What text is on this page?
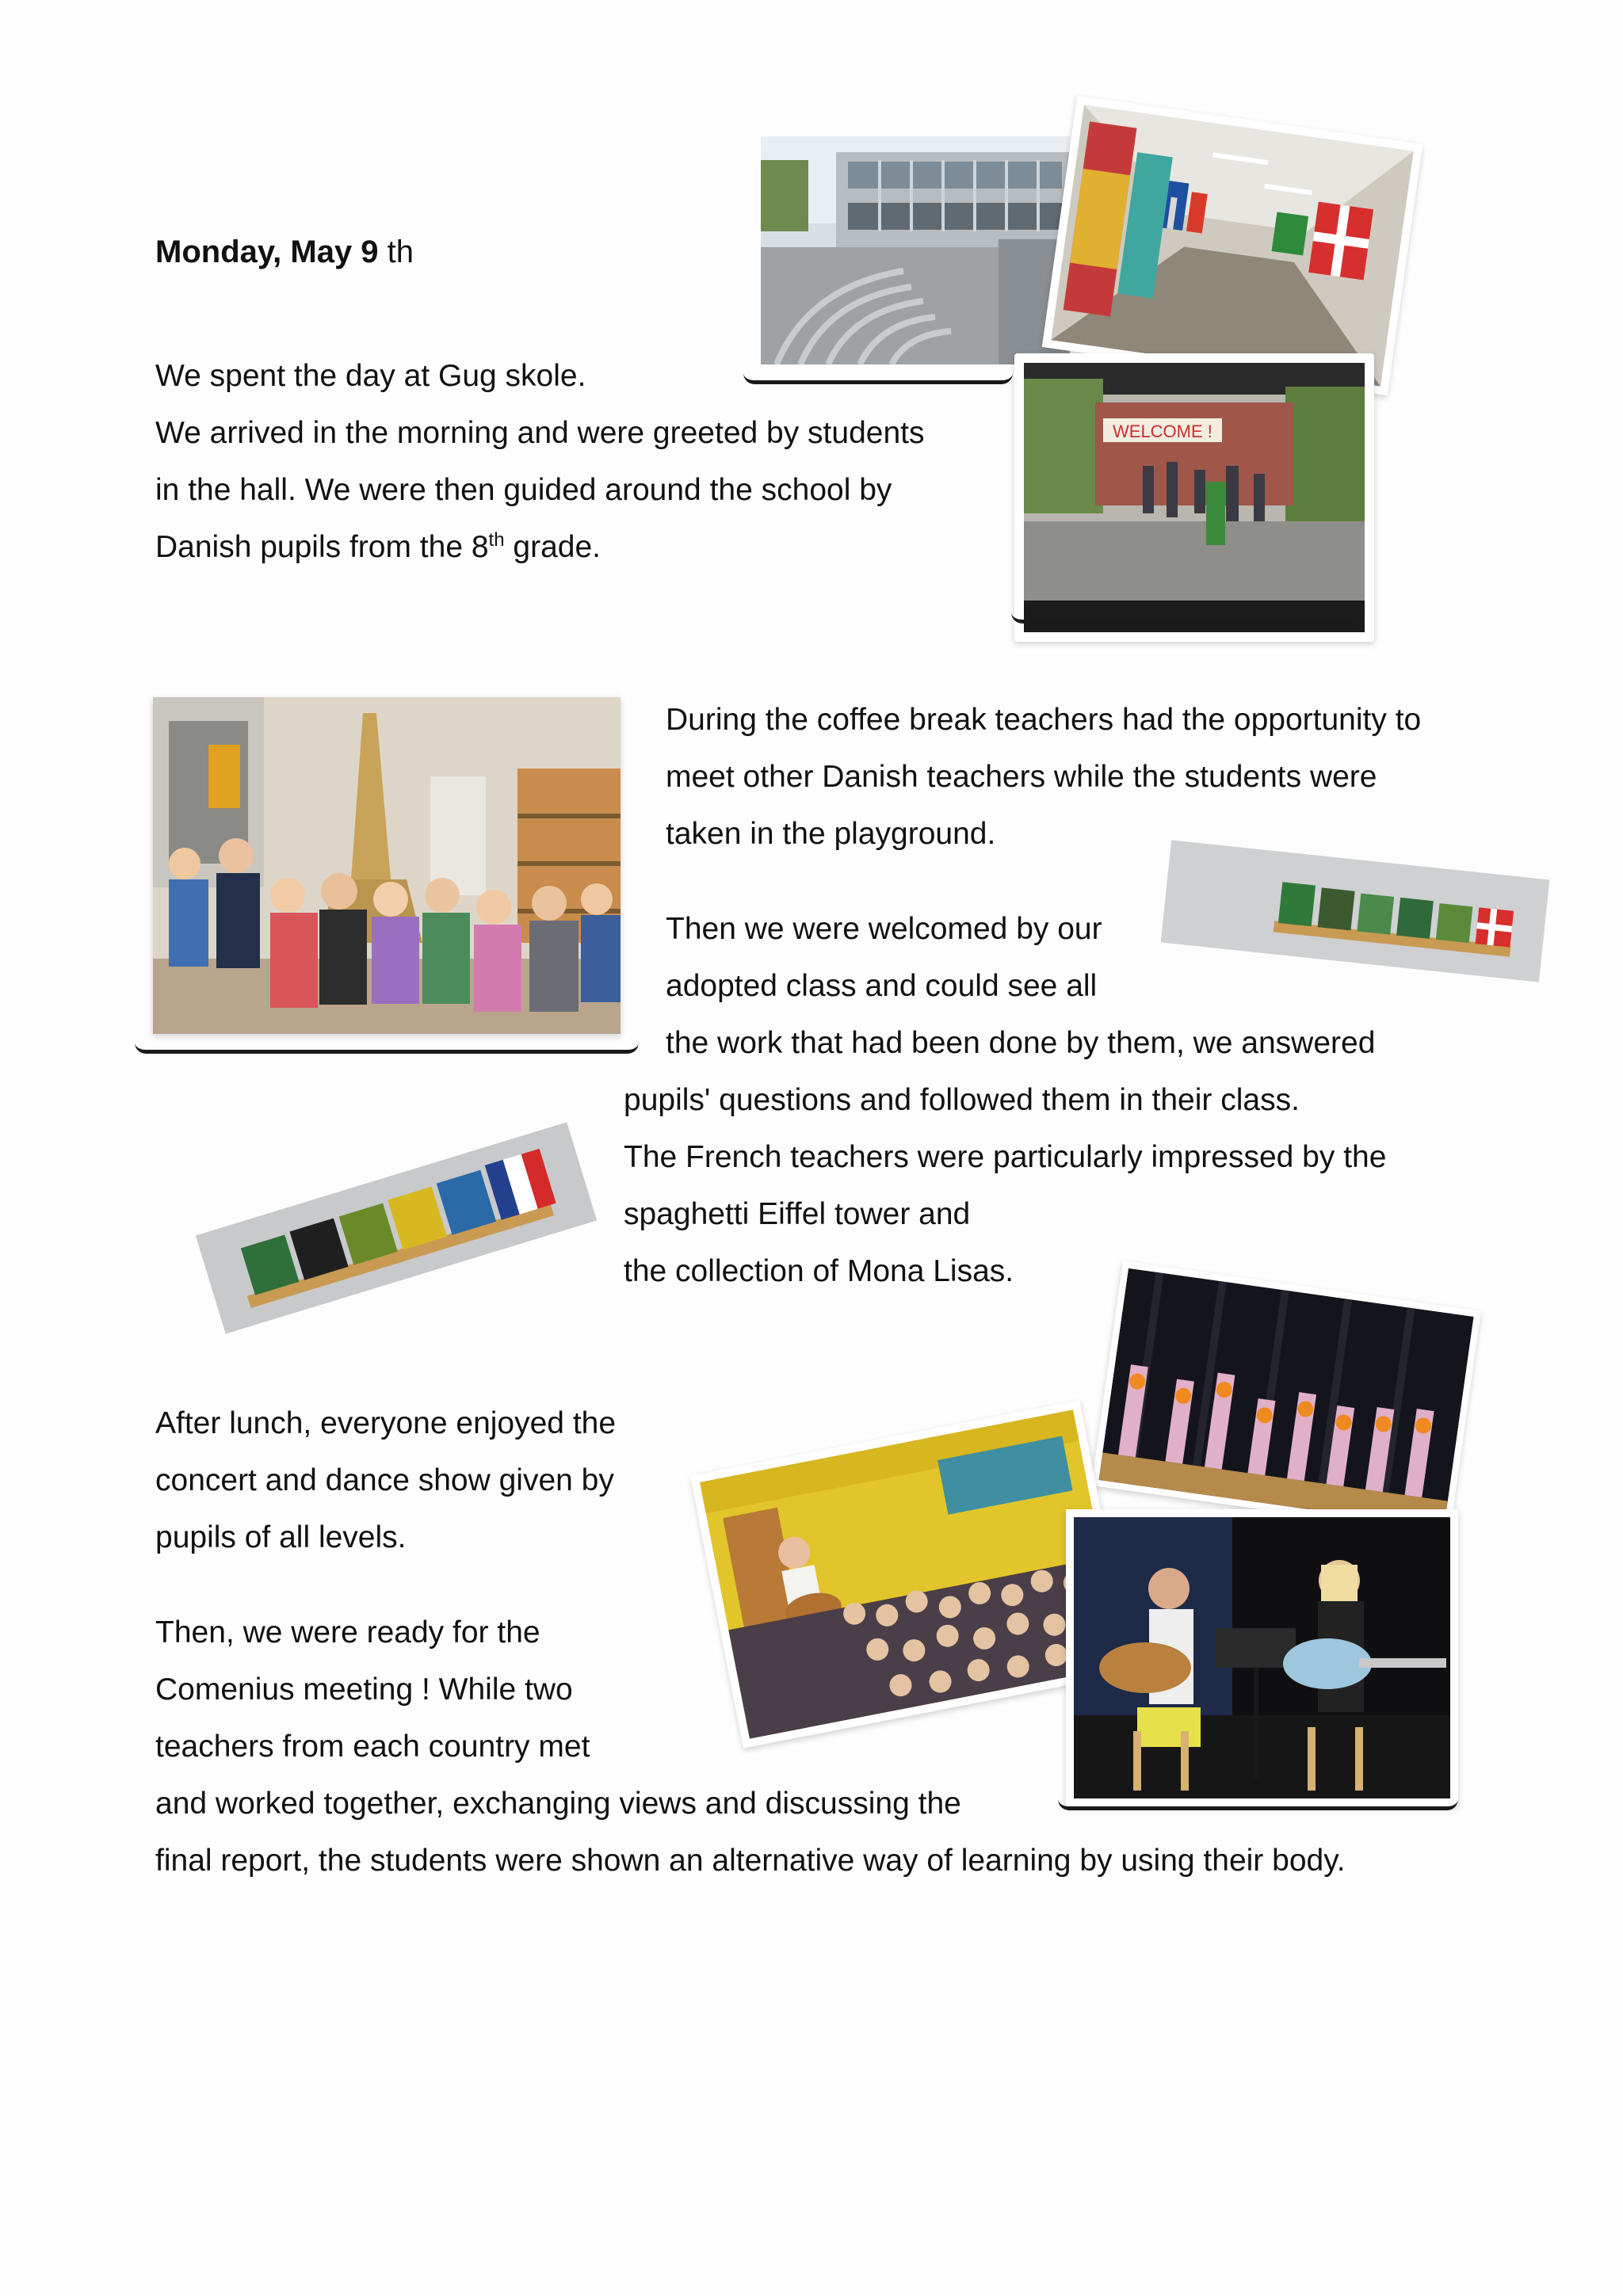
Monday, May 9 th

We spent the day at Gug skole.

We arrived in the morning and were greeted by students

in the hall. We were then guided around the school by

Danish pupils from the 8th grade.

During the coffee break teachers had the opportunity to

meet other Danish teachers while the students were

taken in the playground.

Then we were welcomed by our

adopted class and could see all

the work that had been done by them, we answered

pupils' questions and followed them in their class.

The French teachers were particularly impressed by the

spaghetti Eiffel tower and

the collection of Mona Lisas.

After lunch, everyone enjoyed the

concert and dance show given by

pupils of all levels.

Then, we were ready for the

Comenius meeting ! While two

teachers from each country met

and worked together, exchanging views and discussing the

final report, the students were shown an alternative way of learning by using their body.

WELCOME !
